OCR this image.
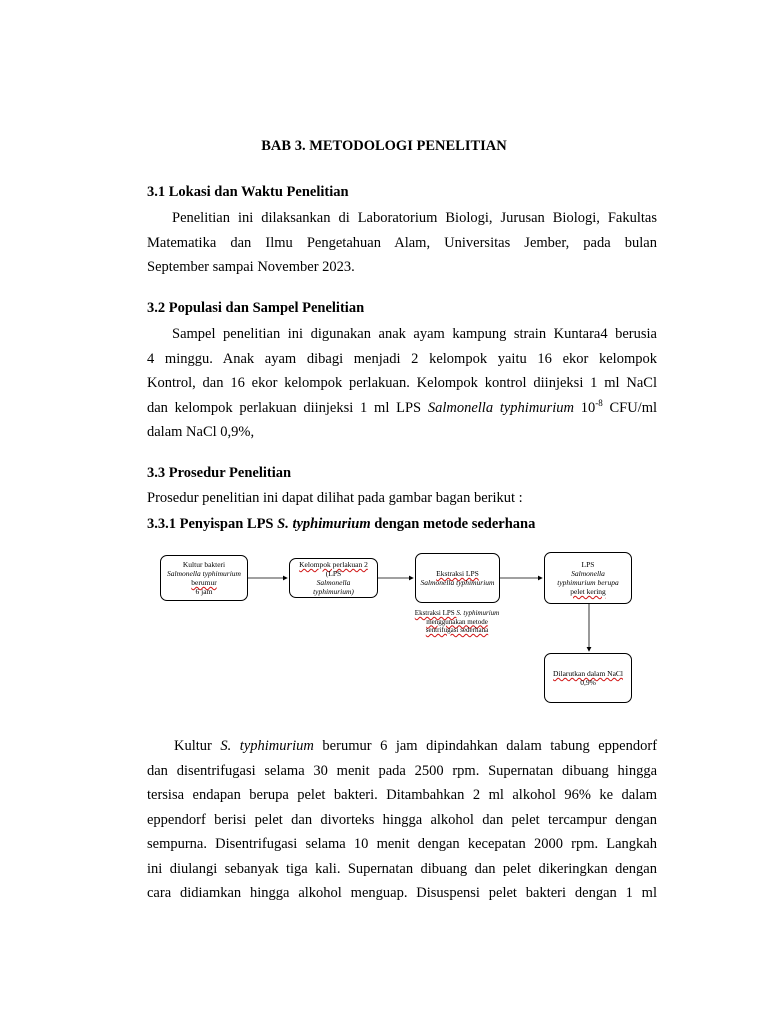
BAB 3. METODOLOGI PENELITIAN
3.1 Lokasi dan Waktu Penelitian
Penelitian ini dilaksankan di Laboratorium Biologi, Jurusan Biologi, Fakultas
Matematika dan Ilmu Pengetahuan Alam, Universitas Jember, pada bulan
September sampai November 2023.
3.2 Populasi dan Sampel Penelitian
Sampel penelitian ini digunakan anak ayam kampung strain Kuntara4 berusia
4 minggu. Anak ayam dibagi menjadi 2 kelompok yaitu 16 ekor kelompok
Kontrol, dan 16 ekor kelompok perlakuan. Kelompok kontrol diinjeksi 1 ml NaCl
dan kelompok perlakuan diinjeksi 1 ml LPS Salmonella typhimurium $10^{-8}$ CFU/ml
dalam NaCl 0,9%,
3.3 Prosedur Penelitian
Prosedur penelitian ini dapat dilihat pada gambar bagan berikut :
3.3.1 Penyispan LPS S. typhimurium dengan metode sederhana
Kultur bakteri
Salmonella typhimurium
berumur
6 jam
Kelompok perlakuan 2
(LPS
Salmonella
typhimurium)
Ekstraksi LPS
Salmonella typhimurium
LPS
Salmonella
typhimurium berupa
pelet kering
Dilarutkan dalam NaCl
0,9%
Ekstraksi LPS S. typhimurium
menggunakan metode
sentrifugasi sederhana
Kultur S. typhimurium berumur 6 jam dipindahkan dalam tabung eppendorf
dan disentrifugasi selama 30 menit pada 2500 rpm. Supernatan dibuang hingga
tersisa endapan berupa pelet bakteri. Ditambahkan 2 ml alkohol 96% ke dalam
eppendorf berisi pelet dan divorteks hingga alkohol dan pelet tercampur dengan
sempurna. Disentrifugasi selama 10 menit dengan kecepatan 2000 rpm. Langkah
ini diulangi sebanyak tiga kali. Supernatan dibuang dan pelet dikeringkan dengan
cara didiamkan hingga alkohol menguap. Disuspensi pelet bakteri dengan 1 ml
